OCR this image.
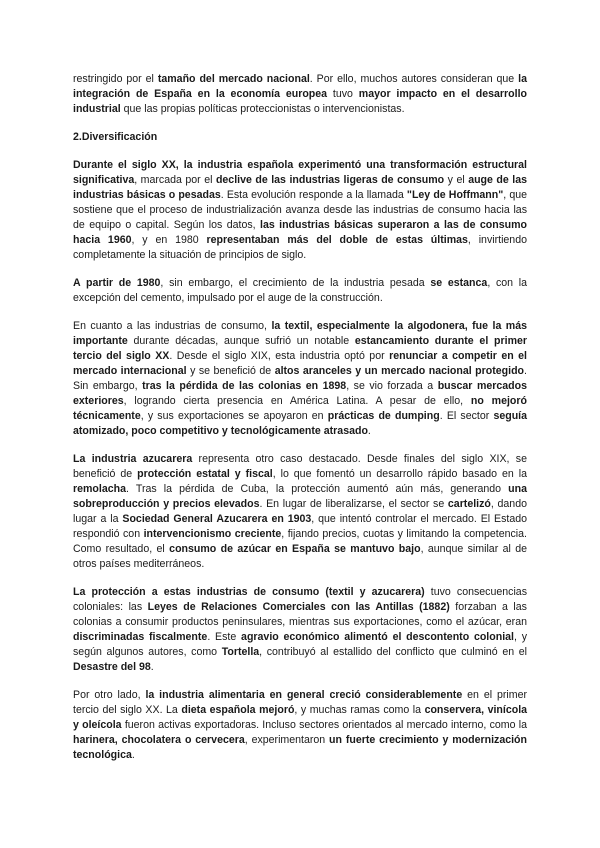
restringido por el tamaño del mercado nacional. Por ello, muchos autores consideran que la integración de España en la economía europea tuvo mayor impacto en el desarrollo industrial que las propias políticas proteccionistas o intervencionistas.

2.Diversificación

Durante el siglo XX, la industria española experimentó una transformación estructural significativa, marcada por el declive de las industrias ligeras de consumo y el auge de las industrias básicas o pesadas. Esta evolución responde a la llamada "Ley de Hoffmann", que sostiene que el proceso de industrialización avanza desde las industrias de consumo hacia las de equipo o capital. Según los datos, las industrias básicas superaron a las de consumo hacia 1960, y en 1980 representaban más del doble de estas últimas, invirtiendo completamente la situación de principios de siglo.

A partir de 1980, sin embargo, el crecimiento de la industria pesada se estanca, con la excepción del cemento, impulsado por el auge de la construcción.

En cuanto a las industrias de consumo, la textil, especialmente la algodonera, fue la más importante durante décadas, aunque sufrió un notable estancamiento durante el primer tercio del siglo XX. Desde el siglo XIX, esta industria optó por renunciar a competir en el mercado internacional y se benefició de altos aranceles y un mercado nacional protegido. Sin embargo, tras la pérdida de las colonias en 1898, se vio forzada a buscar mercados exteriores, logrando cierta presencia en América Latina. A pesar de ello, no mejoró técnicamente, y sus exportaciones se apoyaron en prácticas de dumping. El sector seguía atomizado, poco competitivo y tecnológicamente atrasado.

La industria azucarera representa otro caso destacado. Desde finales del siglo XIX, se benefició de protección estatal y fiscal, lo que fomentó un desarrollo rápido basado en la remolacha. Tras la pérdida de Cuba, la protección aumentó aún más, generando una sobreproducción y precios elevados. En lugar de liberalizarse, el sector se cartelizó, dando lugar a la Sociedad General Azucarera en 1903, que intentó controlar el mercado. El Estado respondió con intervencionismo creciente, fijando precios, cuotas y limitando la competencia. Como resultado, el consumo de azúcar en España se mantuvo bajo, aunque similar al de otros países mediterráneos.

La protección a estas industrias de consumo (textil y azucarera) tuvo consecuencias coloniales: las Leyes de Relaciones Comerciales con las Antillas (1882) forzaban a las colonias a consumir productos peninsulares, mientras sus exportaciones, como el azúcar, eran discriminadas fiscalmente. Este agravio económico alimentó el descontento colonial, y según algunos autores, como Tortella, contribuyó al estallido del conflicto que culminó en el Desastre del 98.

Por otro lado, la industria alimentaria en general creció considerablemente en el primer tercio del siglo XX. La dieta española mejoró, y muchas ramas como la conservera, vinícola y oleícola fueron activas exportadoras. Incluso sectores orientados al mercado interno, como la harinera, chocolatera o cervecera, experimentaron un fuerte crecimiento y modernización tecnológica.
